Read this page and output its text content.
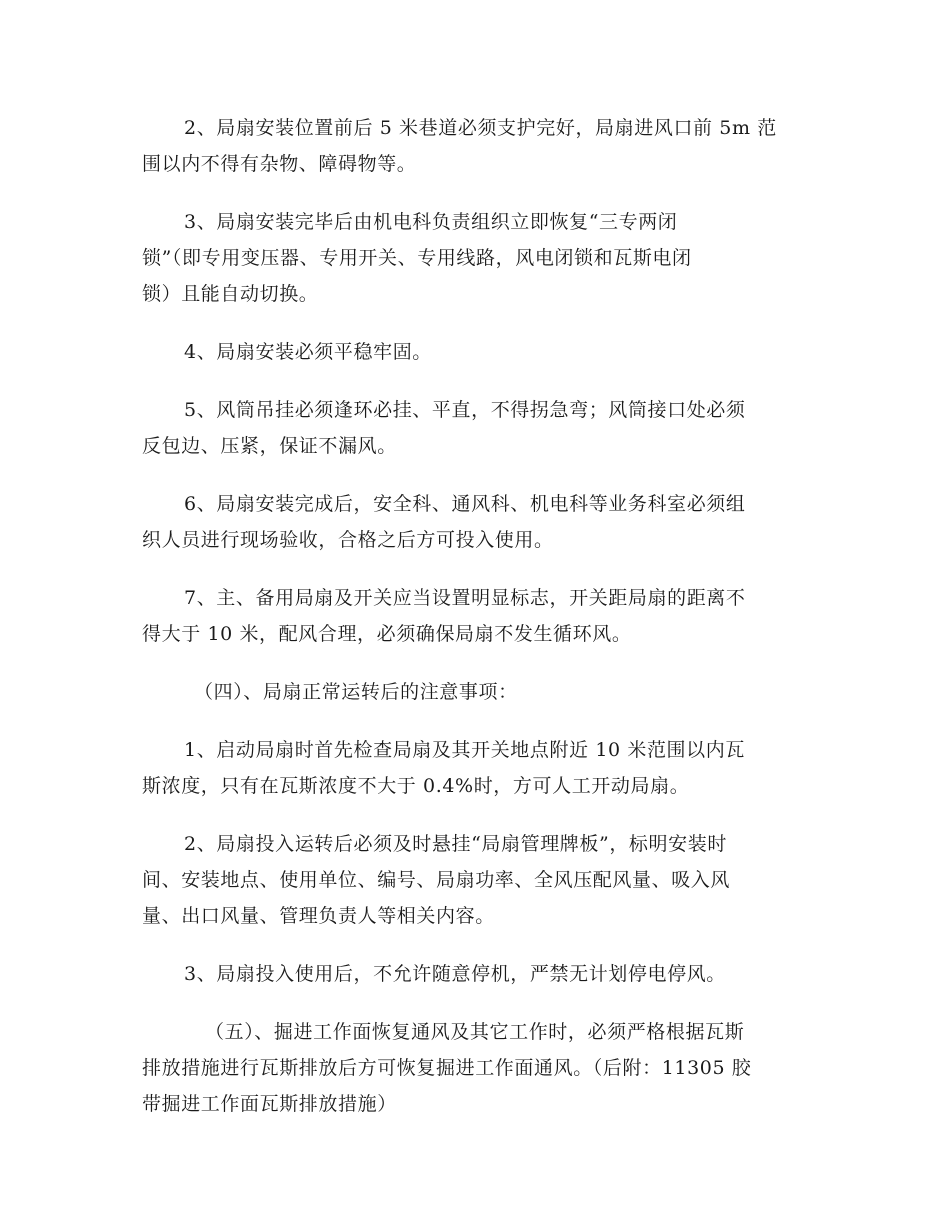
2、局扇安装位置前后 5 米巷道必须支护完好，局扇进风口前 5m 范
围以内不得有杂物、障碍物等。

3、局扇安装完毕后由机电科负责组织立即恢复“三专两闭
锁”（即专用变压器、专用开关、专用线路，风电闭锁和瓦斯电闭
锁）且能自动切换。

4、局扇安装必须平稳牢固。

5、风筒吊挂必须逢环必挂、平直，不得拐急弯；风筒接口处必须
反包边、压紧，保证不漏风。

6、局扇安装完成后，安全科、通风科、机电科等业务科室必须组
织人员进行现场验收，合格之后方可投入使用。

7、主、备用局扇及开关应当设置明显标志，开关距局扇的距离不
得大于 10 米，配风合理，必须确保局扇不发生循环风。

（四）、局扇正常运转后的注意事项：

1、启动局扇时首先检查局扇及其开关地点附近 10 米范围以内瓦
斯浓度，只有在瓦斯浓度不大于 0.4%时，方可人工开动局扇。

2、局扇投入运转后必须及时悬挂“局扇管理牌板”，标明安装时
间、安装地点、使用单位、编号、局扇功率、全风压配风量、吸入风
量、出口风量、管理负责人等相关内容。

3、局扇投入使用后，不允许随意停机，严禁无计划停电停风。

（五）、掘进工作面恢复通风及其它工作时，必须严格根据瓦斯
排放措施进行瓦斯排放后方可恢复掘进工作面通风。（后附：11305 胶
带掘进工作面瓦斯排放措施）
